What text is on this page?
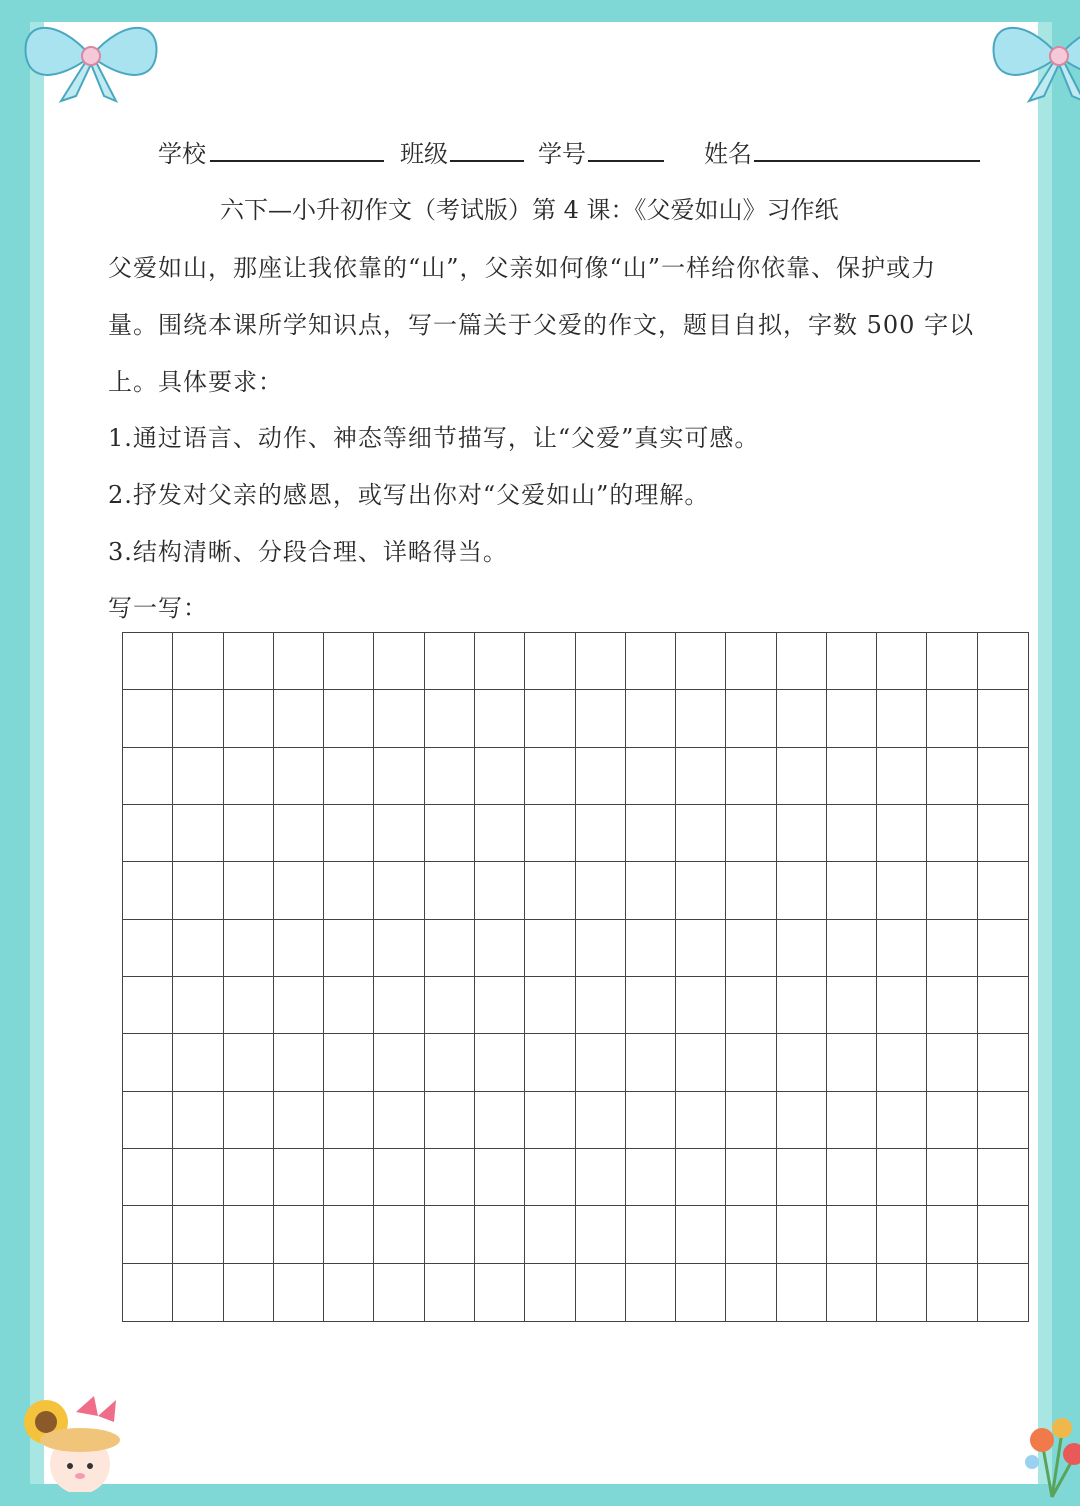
学校	班级	学号	姓名
六下—小升初作文（考试版）第 4 课：《父爱如山》习作纸
父爱如山，那座让我依靠的“山”，父亲如何像“山”一样给你依靠、保护或力
量。围绕本课所学知识点，写一篇关于父爱的作文，题目自拟，字数 500 字以
上。具体要求：
1.通过语言、动作、神态等细节描写，让“父爱”真实可感。
2.抒发对父亲的感恩，或写出你对“父爱如山”的理解。
3.结构清晰、分段合理、详略得当。
写一写：
